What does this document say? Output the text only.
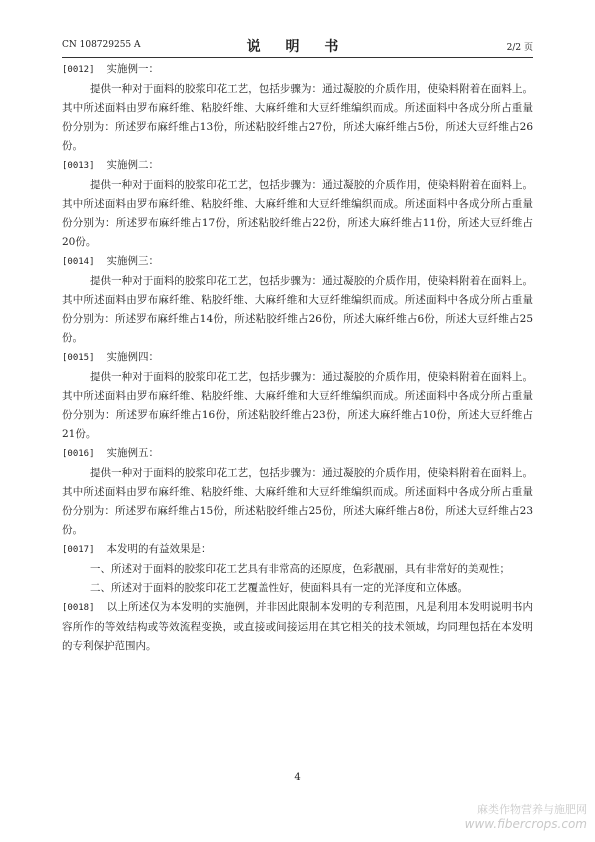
CN 108729255 A	说 明 书	2/2 页

[0012] 实施例一：

提供一种对于面料的胶浆印花工艺，包括步骤为：通过凝胶的介质作用，使染料附着在面料上。其中所述面料由罗布麻纤维、粘胶纤维、大麻纤维和大豆纤维编织而成。所述面料中各成分所占重量份分别为：所述罗布麻纤维占13份，所述粘胶纤维占27份，所述大麻纤维占5份，所述大豆纤维占26份。

[0013] 实施例二：

提供一种对于面料的胶浆印花工艺，包括步骤为：通过凝胶的介质作用，使染料附着在面料上。其中所述面料由罗布麻纤维、粘胶纤维、大麻纤维和大豆纤维编织而成。所述面料中各成分所占重量份分别为：所述罗布麻纤维占17份，所述粘胶纤维占22份，所述大麻纤维占11份，所述大豆纤维占20份。

[0014] 实施例三：

提供一种对于面料的胶浆印花工艺，包括步骤为：通过凝胶的介质作用，使染料附着在面料上。其中所述面料由罗布麻纤维、粘胶纤维、大麻纤维和大豆纤维编织而成。所述面料中各成分所占重量份分别为：所述罗布麻纤维占14份，所述粘胶纤维占26份，所述大麻纤维占6份，所述大豆纤维占25份。

[0015] 实施例四：

提供一种对于面料的胶浆印花工艺，包括步骤为：通过凝胶的介质作用，使染料附着在面料上。其中所述面料由罗布麻纤维、粘胶纤维、大麻纤维和大豆纤维编织而成。所述面料中各成分所占重量份分别为：所述罗布麻纤维占16份，所述粘胶纤维占23份，所述大麻纤维占10份，所述大豆纤维占21份。

[0016] 实施例五：

提供一种对于面料的胶浆印花工艺，包括步骤为：通过凝胶的介质作用，使染料附着在面料上。其中所述面料由罗布麻纤维、粘胶纤维、大麻纤维和大豆纤维编织而成。所述面料中各成分所占重量份分别为：所述罗布麻纤维占15份，所述粘胶纤维占25份，所述大麻纤维占8份，所述大豆纤维占23份。

[0017] 本发明的有益效果是：

一、所述对于面料的胶浆印花工艺具有非常高的还原度，色彩靓丽，具有非常好的美观性；

二、所述对于面料的胶浆印花工艺覆盖性好，使面料具有一定的光泽度和立体感。

[0018] 以上所述仅为本发明的实施例，并非因此限制本发明的专利范围，凡是利用本发明说明书内容所作的等效结构或等效流程变换，或直接或间接运用在其它相关的技术领域，均同理包括在本发明的专利保护范围内。

4
麻类作物营养与施肥网
www.fibercrops.com
